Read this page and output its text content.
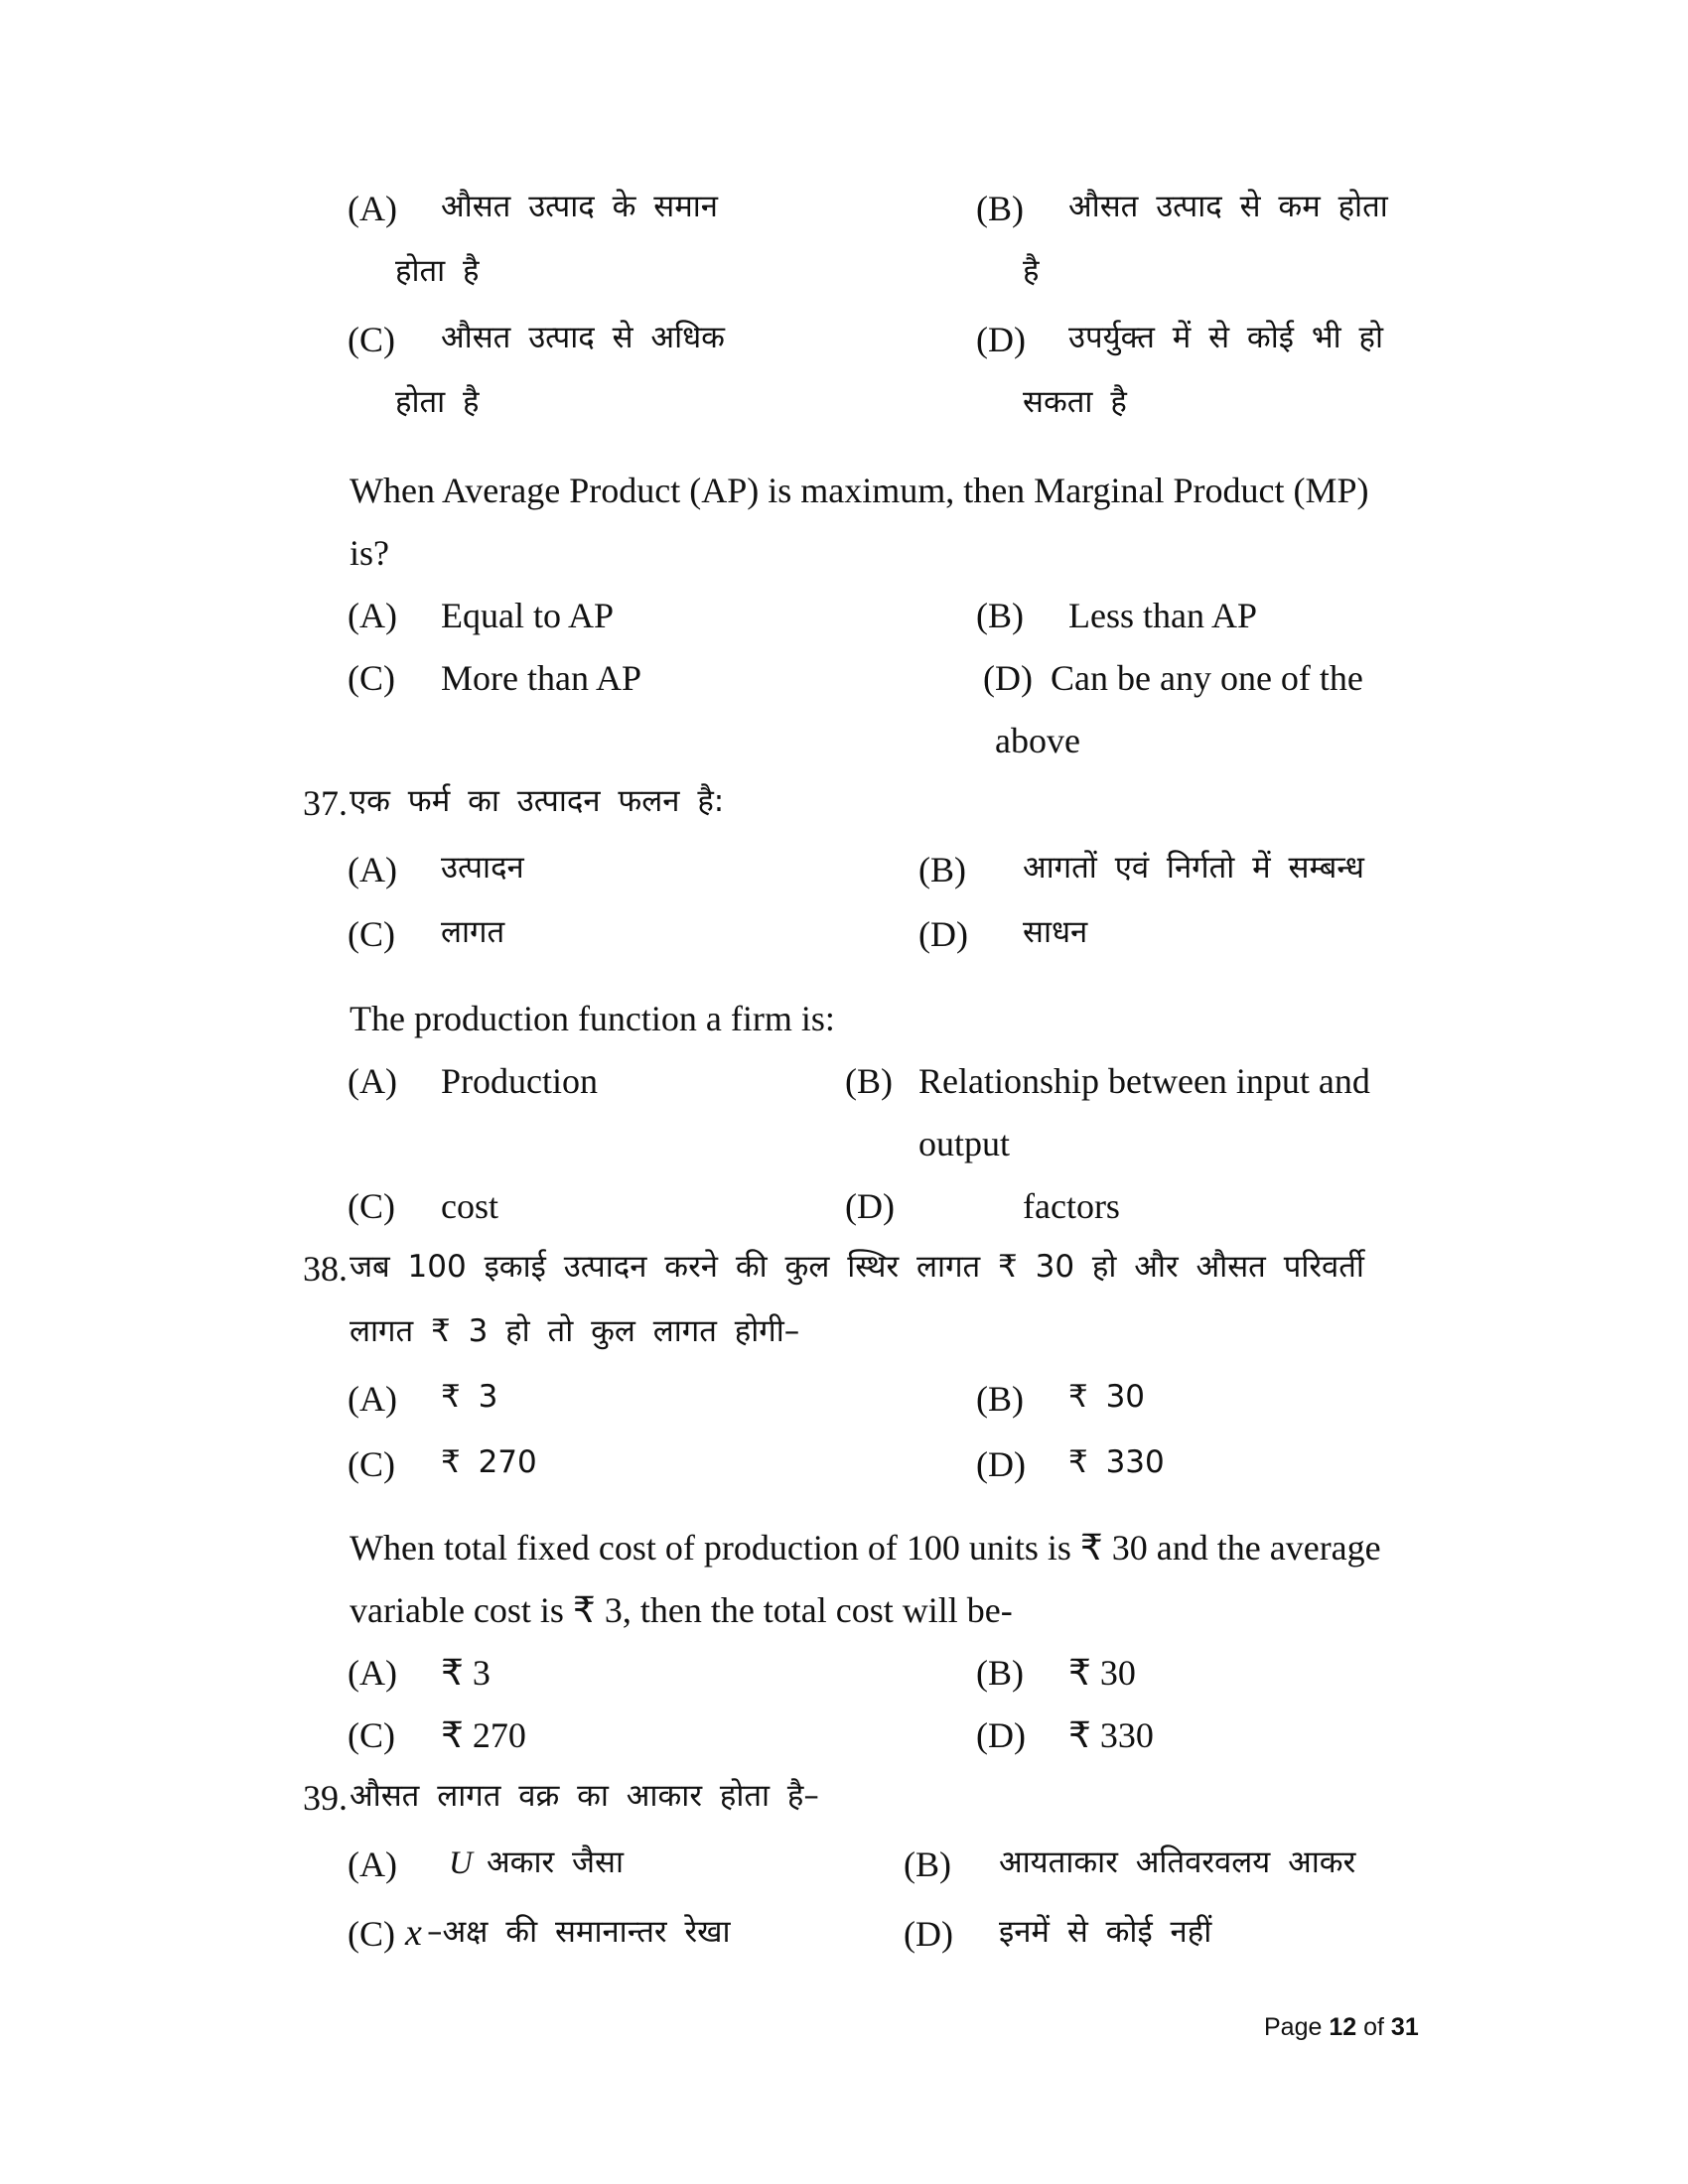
(A) औसत उत्पाद के समान
होता है
(B) औसत उत्पाद से कम होता
है
(C) औसत उत्पाद से अधिक
होता है
(D) उपर्युक्त में से कोई भी हो
सकता है
When Average Product (AP) is maximum, then Marginal Product (MP)
is?
(A) Equal to AP	(B) Less than AP
(C) More than AP	(D) Can be any one of the
above
37. एक फर्म का उत्पादन फलन है:
(A) उत्पादन	(B) आगतों एवं निर्गतो में सम्बन्ध
(C) लागत	(D) साधन
The production function a firm is:
(A) Production	(B) Relationship between input and
output
(C) cost	(D)	factors
38. जब 100 इकाई उत्पादन करने की कुल स्थिर लागत ₹ 30 हो और औसत परिवर्ती
लागत ₹ 3 हो तो कुल लागत होगी–
(A) ₹ 3	(B) ₹ 30
(C) ₹ 270	(D) ₹ 330
When total fixed cost of production of 100 units is ₹ 30 and the average
variable cost is ₹ 3, then the total cost will be-
(A) ₹ 3	(B) ₹ 30
(C) ₹ 270	(D) ₹ 330
39. औसत लागत वक्र का आकार होता है–
(A) U अकार जैसा	(B) आयताकार अतिवरवलय आकर
(C) x –अक्ष की समानान्तर रेखा	(D) इनमें से कोई नहीं
Page 12 of 31
